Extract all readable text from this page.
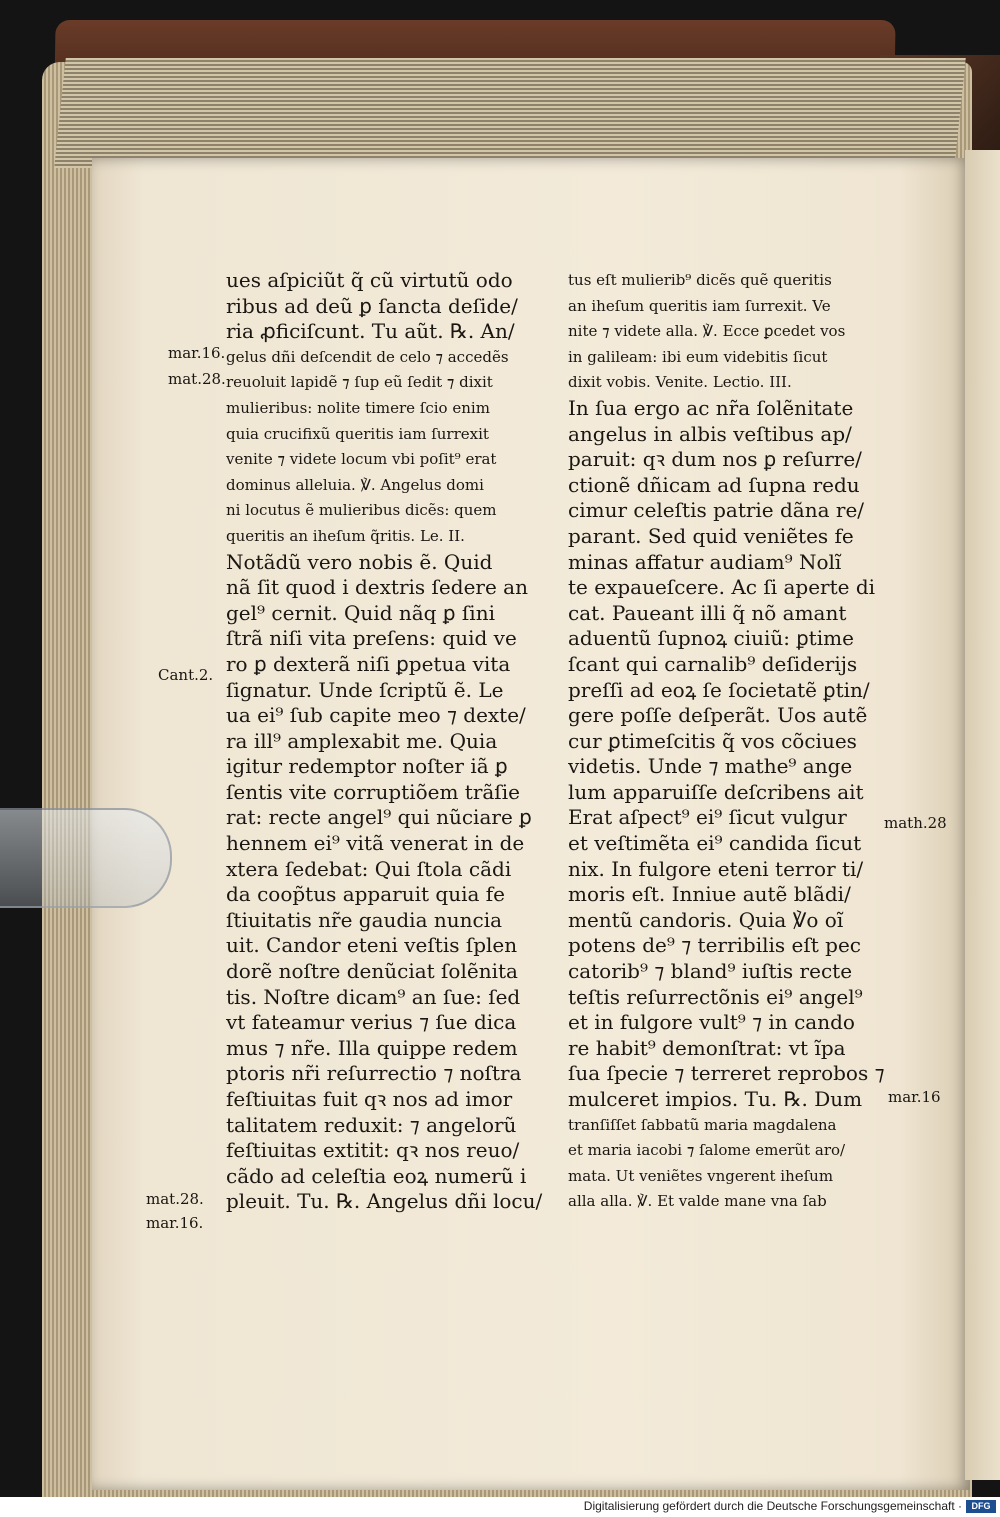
ues aſpiciũt q̃ cũ virtutũ odo
ribus ad deũ ꝑ ſancta deſide/
ria ꝓficiſcunt. Tu aũt. ℞. An/
gelus dñi deſcendit de celo ⁊ accedẽs
reuoluit lapidẽ ⁊ ſup eũ ſedit ⁊ dixit
mulieribus: nolite timere ſcio enim
quia crucifixũ queritis iam ſurrexit
venite ⁊ videte locum vbi poſit⁹ erat
dominus alleluia. ℣. Angelus domi
ni locutus ẽ mulieribus dicẽs: quem
queritis an iheſum q̃ritis. Le. II.
Notãdũ vero nobis ẽ. Quid
nã ſit quod i dextris ſedere an
gel⁹ cernit. Quid nãq ꝑ ſini
ſtrã niſi vita preſens: quid ve
ro ꝑ dexterã niſi ꝑpetua vita
ſignatur. Unde ſcriptũ ẽ. Le
ua ei⁹ ſub capite meo ⁊ dexte/
ra ill⁹ amplexabit me. Quia
igitur redemptor noſter iã ꝑ
ſentis vite corruptiõem trãſie
rat: recte angel⁹ qui nũciare ꝑ
hennem ei⁹ vitã venerat in de
xtera ſedebat: Qui ſtola cãdi
da coop̃tus apparuit quia fe
ſtiuitatis nr̃e gaudia nuncia
uit. Candor eteni veſtis ſplen
dorẽ noſtre denũciat ſolẽnita
tis. Noſtre dicam⁹ an ſue: ſed
vt fateamur verius ⁊ ſue dica
mus ⁊ nr̃e. Illa quippe redem
ptoris nr̃i reſurrectio ⁊ noſtra
feſtiuitas fuit qꝛ nos ad imor
talitatem reduxit: ⁊ angelorũ
feſtiuitas extitit: qꝛ nos reuo/
cãdo ad celeſtia eoꝝ numerũ i
pleuit. Tu. ℞. Angelus dñi locu/
tus eſt mulierib⁹ dicẽs quẽ queritis
an iheſum queritis iam ſurrexit. Ve
nite ⁊ videte alla. ℣. Ecce ꝑcedet vos
in galileam: ibi eum videbitis ſicut
dixit vobis. Venite. Lectio. III.
In ſua ergo ac nr̃a ſolẽnitate
angelus in albis veſtibus ap/
paruit: qꝛ dum nos ꝑ reſurre/
ctionẽ dñicam ad ſupna redu
cimur celeſtis patrie dãna re/
parant. Sed quid veniẽtes fe
minas affatur audiam⁹ Nolĩ
te expaueſcere. Ac ſi aperte di
cat. Paueant illi q̃ nõ amant
aduentũ ſupnoꝝ ciuiũ: ꝑtime
ſcant qui carnalib⁹ deſiderijs
preſſi ad eoꝝ ſe ſocietatẽ ꝑtin/
gere poſſe deſperãt. Uos autẽ
cur ꝑtimeſcitis q̃ vos cõciues
videtis. Unde ⁊ mathe⁹ ange
lum apparuiſſe deſcribens ait
Erat aſpect⁹ ei⁹ ſicut vulgur
et veſtimẽta ei⁹ candida ſicut
nix. In fulgore eteni terror ti/
moris eſt. Inniue autẽ blãdi/
mentũ candoris. Quia ℣o oĩ
potens de⁹ ⁊ terribilis eſt pec
catorib⁹ ⁊ bland⁹ iuſtis recte
teſtis reſurrectõnis ei⁹ angel⁹
et in fulgore vult⁹ ⁊ in cando
re habit⁹ demonſtrat: vt ĩpa
ſua ſpecie ⁊ terreret reprobos ⁊
mulceret impios. Tu. ℞. Dum
tranſiſſet ſabbatũ maria magdalena
et maria iacobi ⁊ ſalome emerũt aro/
mata. Ut veniẽtes vngerent iheſum
alla alla. ℣. Et valde mane vna ſab
mar.16.
mat.28.
Cant.2.
math.28
mar.16
mat.28.
mar.16.
Digitalisierung gefördert durch die Deutsche Forschungsgemeinschaft ·	DFG
